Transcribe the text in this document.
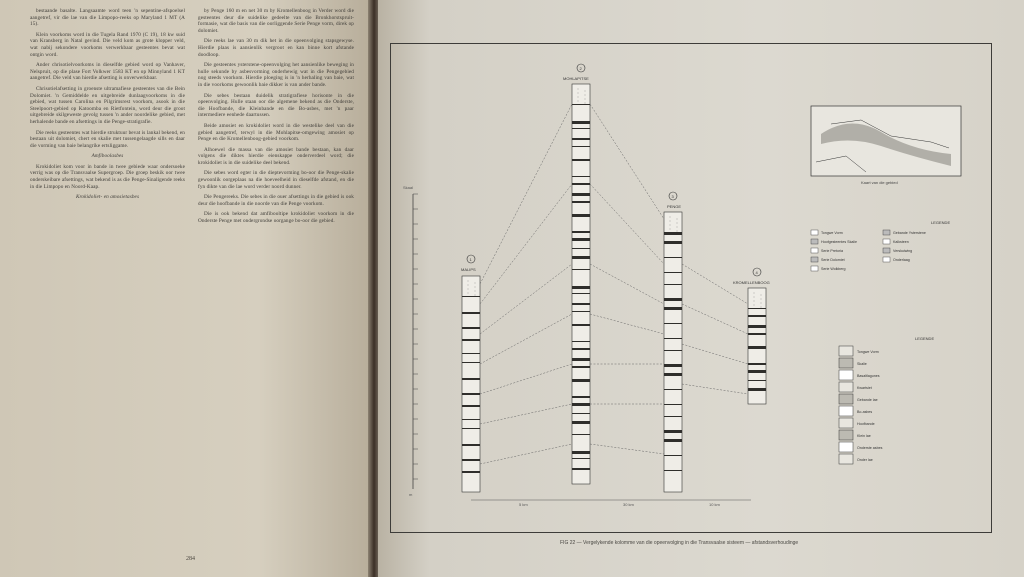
bestaande basalte. Langsaamte word teen 'n sepentine-afspoelsel aangetref, vir die lae van die Limpopo-reeks op Maryland 1 MT (A 15).

Klein voorkoms word in die Tugela Rand 1970 (C 19), 18 kw suid van Kransberg in Natal gevind. Die veld kom as grote klopper veld, wat nabij sekondere voorkoms verwerkbaar gesteentes bevat wat ontgin word.

Ander chrisotielvoorkoms in dieselfde gebied word op Vanhaver, Nelspruit, op die plase Fort Volkwer 1583 KT en op Minnyland 1 KT aangetref. Die veld van hierdie afsetting is onverwerkbaar.

Chrisotielafsetting in groenste ultramafiese gesteentes van die Bein Dolomiet. 'n Gemiddelde en uitgebreide dunlaagvoorkoms in die gebied, wat tussen Carolina en Pilgrimsrest voorkom, asook in die Steelpoort-gebied op Katoomba en Rietfontein, word deur die groot uitgebreide skilgeweste gevolg tussen 'n ander noordelike gebied, met herhalende bande en afsettings in die Penge-stratigrafie.

Die reeks gesteentes wat hierdie struktuur bevat is lankal bekend, en bestaan uit dolomiet, chert en skalie met tussengelaagde sills en daar die vorming van baie belangrike ertsliggame.

Amfiboolasbes

Krokidoliet kom voor in bande in twee gebiede waar ondersoeke verrig was op die Transvaalse Supergroep. Die groep beskik oor twee onderskeibare afsettings, wat bekend is as die Penge-Sinaligende reeks in die Limpopo en Noord-Kaap.

Krokidoliet- en amosietasbes

by Penge 160 m en net 30 m by Kromellenboog in Verder word die gesteentes deur die suidelike gedeelte van die Bronkhorstspruit-formasie, wat die basis van die oorliggende Serie Penge vorm, direk op dolomiet.

Die reeks lae van 30 m dik het in die opeenvolging stapsgewyse. Hierdie plaas is aansienlik vergroot en kan binne kort afstande doodloop.

Die gesteentes ysterstene-opeenvolging het aansienlike beweging in hulle sekunde by asbesvorming onderhewig wat in die Pengegebied nog steeds voorkom. Hierdie ploeging is in 'n herhaling van baie, wat in die voorkoms gewoonlik baie dikker is van ander bande.

Die sebes bestaan duidelik stratigrafiese horisonte in die opeenvolging. Hulle staan oor die algemene bekend as die Onderste, die Hoofbande, die Kleinbande en die Bo-asbes, met 'n paar intermediere eenhede daartussen.

Beide amosiet en krokidoliet word in die westelike deel van die gebied aangetref, terwyl in die Mohlapitse-omgewing amosiet op Penge en die Kromellenboog-gebied voorkom.

Alhoewel die massa van die amosiet bande bestaan, kan daar volgens die diktes hierdie eienskappe onderverdeel word; die krokidoliet is in die suidelike deel bekend.

Die sebes word egter in die dieptevorming bo-oor die Penge-skalie gewoonlik oorgeplaas na die hoeveelheid in dieselfde afstand, en die fyn dikte van die lae word verder noord dunner.

Die Pengereeks. Die sebes in die ouer afsettings in die gebied is ook deur die hoofbande in die noorde van die Penge voorkom.

Die is ook bekend dat amfibooltipe krokidoliet voorkom in die Onderste Penge met ondergrondse oorgange bo-oor die gebied.

284
Skaal
m
1
MALIPS
2
MOHLAPITSE
3
PENGE
4
KROMELLENBOOG
5 km	30 km	10 km
Kaart van die gebied
LEGENDE
Tongwe Vorm
Hoofgesteentes Skalie
Serie Pretoria
Serie Dolomiet
Serie Wolkberg
Gebande Ysterstene
Kalksteen
Verskuiwing
Onderlaag
LEGENDE
Tongwe Vorm
Skalie
Basaltlagunes
Kwartsiet
Gebande lae
Bo-asbes
Hoofbande
Klein lae
Onderste asbes
Onder lae
FIG 22 — Vergelykende kolomme van die opeenvolging in die Transvaalse sisteem — afstandsverhoudinge
